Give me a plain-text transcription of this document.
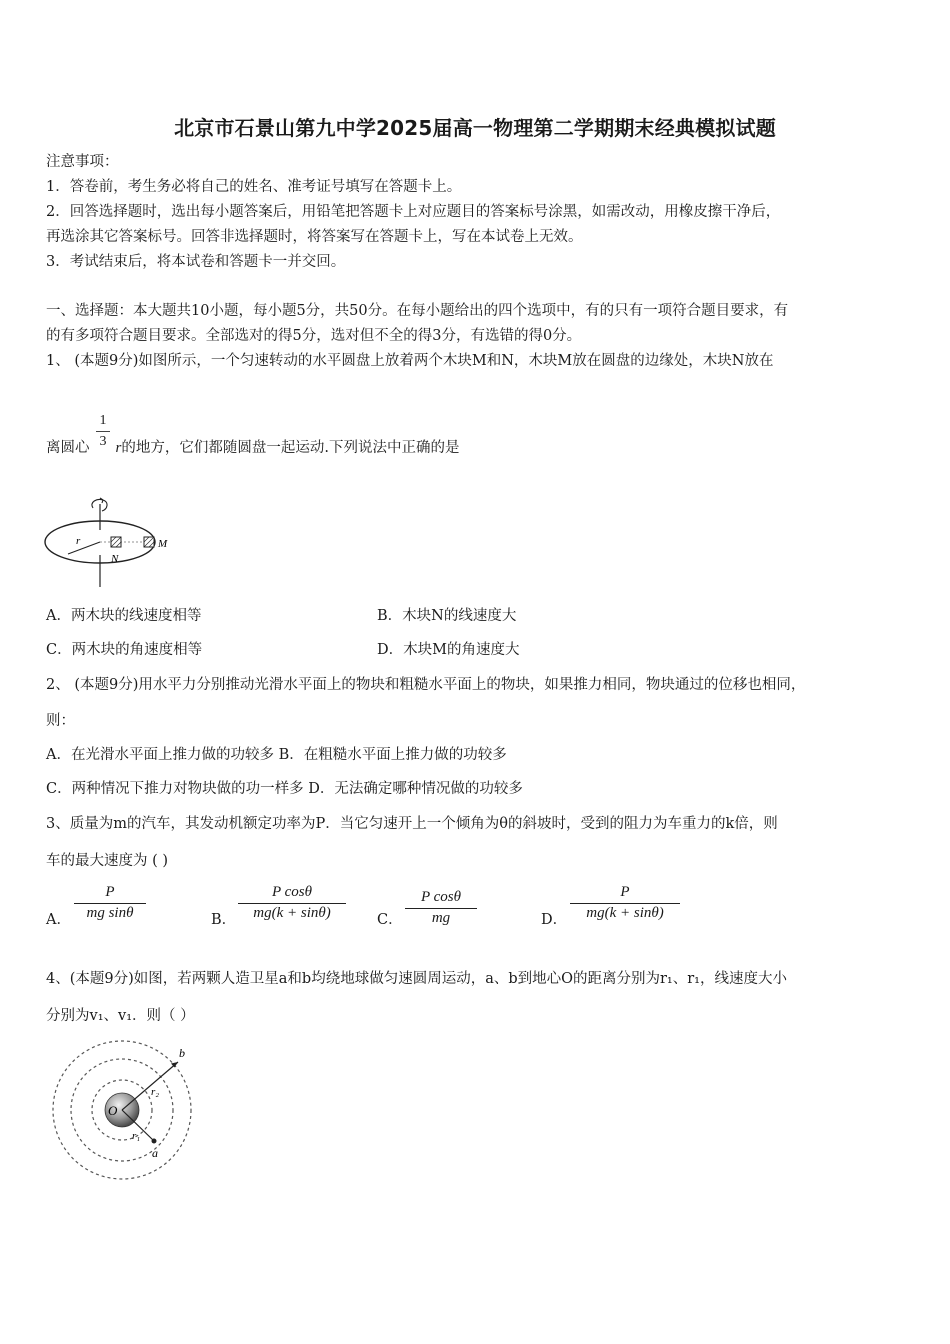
北京市石景山第九中学2025届高一物理第二学期期末经典模拟试题
注意事项：
1．答卷前，考生务必将自己的姓名、准考证号填写在答题卡上。
2．回答选择题时，选出每小题答案后，用铅笔把答题卡上对应题目的答案标号涂黑，如需改动，用橡皮擦干净后，
再选涂其它答案标号。回答非选择题时，将答案写在答题卡上，写在本试卷上无效。
3．考试结束后，将本试卷和答题卡一并交回。
一、选择题：本大题共10小题，每小题5分，共50分。在每小题给出的四个选项中，有的只有一项符合题目要求，有
的有多项符合题目要求。全部选对的得5分，选对但不全的得3分，有选错的得0分。
1、 (本题9分)如图所示，一个匀速转动的水平圆盘上放着两个木块M和N，木块M放在圆盘的边缘处，木块N放在
离圆心 r的地方，它们都随圆盘一起运动.下列说法中正确的是
1
3
r
N
M
A．两木块的线速度相等	B．木块N的线速度大
C．两木块的角速度相等	D．木块M的角速度大
2、 (本题9分)用水平力分别推动光滑水平面上的物块和粗糙水平面上的物块，如果推力相同，物块通过的位移也相同，
则：
A．在光滑水平面上推力做的功较多 B．在粗糙水平面上推力做的功较多
C．两种情况下推力对物块做的功一样多 D．无法确定哪种情况做的功较多
3、质量为m的汽车，其发动机额定功率为P．当它匀速开上一个倾角为θ的斜坡时，受到的阻力为车重力的k倍，则
车的最大速度为 ( )
A．
P
mg sinθ	B．
P cosθ
mg(k + sinθ)	C．
P cosθ
mg	D．
P
mg(k + sinθ)
4、(本题9分)如图，若两颗人造卫星a和b均绕地球做匀速圆周运动，a、b到地心O的距离分别为r₁、r₁，线速度大小
分别为v₁、v₁．则（ ）
O
b
a
r₂
r₁
